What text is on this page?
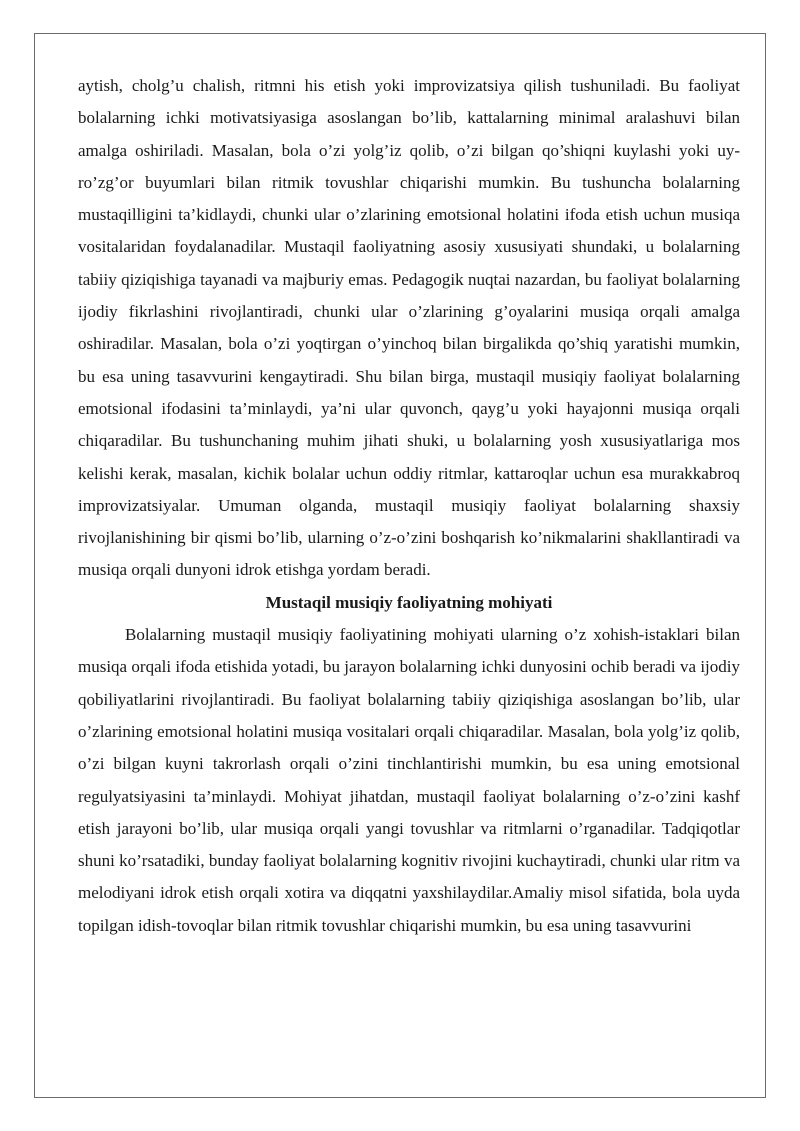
aytish, cholg’u chalish, ritmni his etish yoki improvizatsiya qilish tushuniladi. Bu faoliyat bolalarning ichki motivatsiyasiga asoslangan bo’lib, kattalarning minimal aralashuvi bilan amalga oshiriladi. Masalan, bola o’zi yolg’iz qolib, o’zi bilgan qo’shiqni kuylashi yoki uy-ro’zg’or buyumlari bilan ritmik tovushlar chiqarishi mumkin. Bu tushuncha bolalarning mustaqilligini ta’kidlaydi, chunki ular o’zlarining emotsional holatini ifoda etish uchun musiqa vositalaridan foydalanadilar. Mustaqil faoliyatning asosiy xususiyati shundaki, u bolalarning tabiiy qiziqishiga tayanadi va majburiy emas. Pedagogik nuqtai nazardan, bu faoliyat bolalarning ijodiy fikrlashini rivojlantiradi, chunki ular o’zlarining g’oyalarini musiqa orqali amalga oshiradilar. Masalan, bola o’zi yoqtirgan o’yinchoq bilan birgalikda qo’shiq yaratishi mumkin, bu esa uning tasavvurini kengaytiradi. Shu bilan birga, mustaqil musiqiy faoliyat bolalarning emotsional ifodasini ta’minlaydi, ya’ni ular quvonch, qayg’u yoki hayajonni musiqa orqali chiqaradilar. Bu tushunchaning muhim jihati shuki, u bolalarning yosh xususiyatlariga mos kelishi kerak, masalan, kichik bolalar uchun oddiy ritmlar, kattaroqlar uchun esa murakkabroq improvizatsiyalar. Umuman olganda, mustaqil musiqiy faoliyat bolalarning shaxsiy rivojlanishining bir qismi bo’lib, ularning o’z-o’zini boshqarish ko’nikmalarini shakllantiradi va musiqa orqali dunyoni idrok etishga yordam beradi.

Mustaqil musiqiy faoliyatning mohiyati

Bolalarning mustaqil musiqiy faoliyatining mohiyati ularning o’z xohish-istaklari bilan musiqa orqali ifoda etishida yotadi, bu jarayon bolalarning ichki dunyosini ochib beradi va ijodiy qobiliyatlarini rivojlantiradi. Bu faoliyat bolalarning tabiiy qiziqishiga asoslangan bo’lib, ular o’zlarining emotsional holatini musiqa vositalari orqali chiqaradilar. Masalan, bola yolg’iz qolib, o’zi bilgan kuyni takrorlash orqali o’zini tinchlantirishi mumkin, bu esa uning emotsional regulyatsiyasini ta’minlaydi. Mohiyat jihatdan, mustaqil faoliyat bolalarning o’z-o’zini kashf etish jarayoni bo’lib, ular musiqa orqali yangi tovushlar va ritmlarni o’rganadilar. Tadqiqotlar shuni ko’rsatadiki, bunday faoliyat bolalarning kognitiv rivojini kuchaytiradi, chunki ular ritm va melodiyani idrok etish orqali xotira va diqqatni yaxshilaydilar.Amaliy misol sifatida, bola uyda topilgan idish-tovoqlar bilan ritmik tovushlar chiqarishi mumkin, bu esa uning tasavvurini
